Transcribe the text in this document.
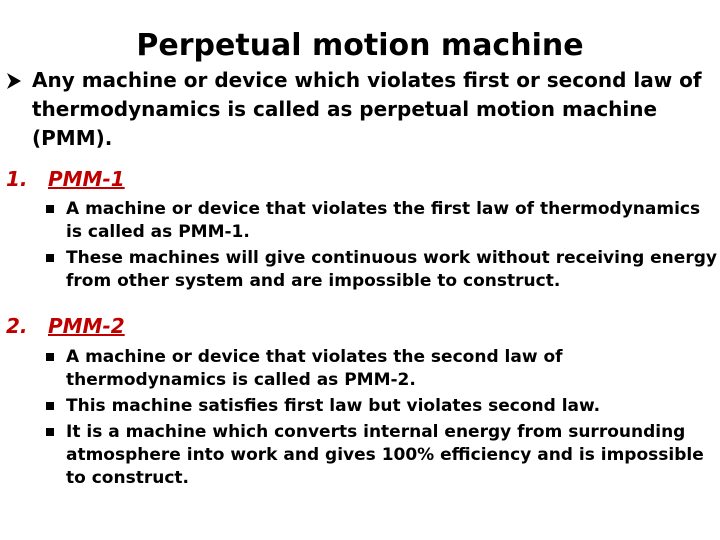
Perpetual motion machine
Any machine or device which violates first or second law of thermodynamics is called as perpetual motion machine (PMM).
1. PMM-1
A machine or device that violates the first law of thermodynamics is called as PMM-1.
These machines will give continuous work without receiving energy from other system and are impossible to construct.
2. PMM-2
A machine or device that violates the second law of thermodynamics is called as PMM-2.
This machine satisfies first law but violates second law.
It is a machine which converts internal energy from surrounding atmosphere into work and gives 100% efficiency and is impossible to construct.
